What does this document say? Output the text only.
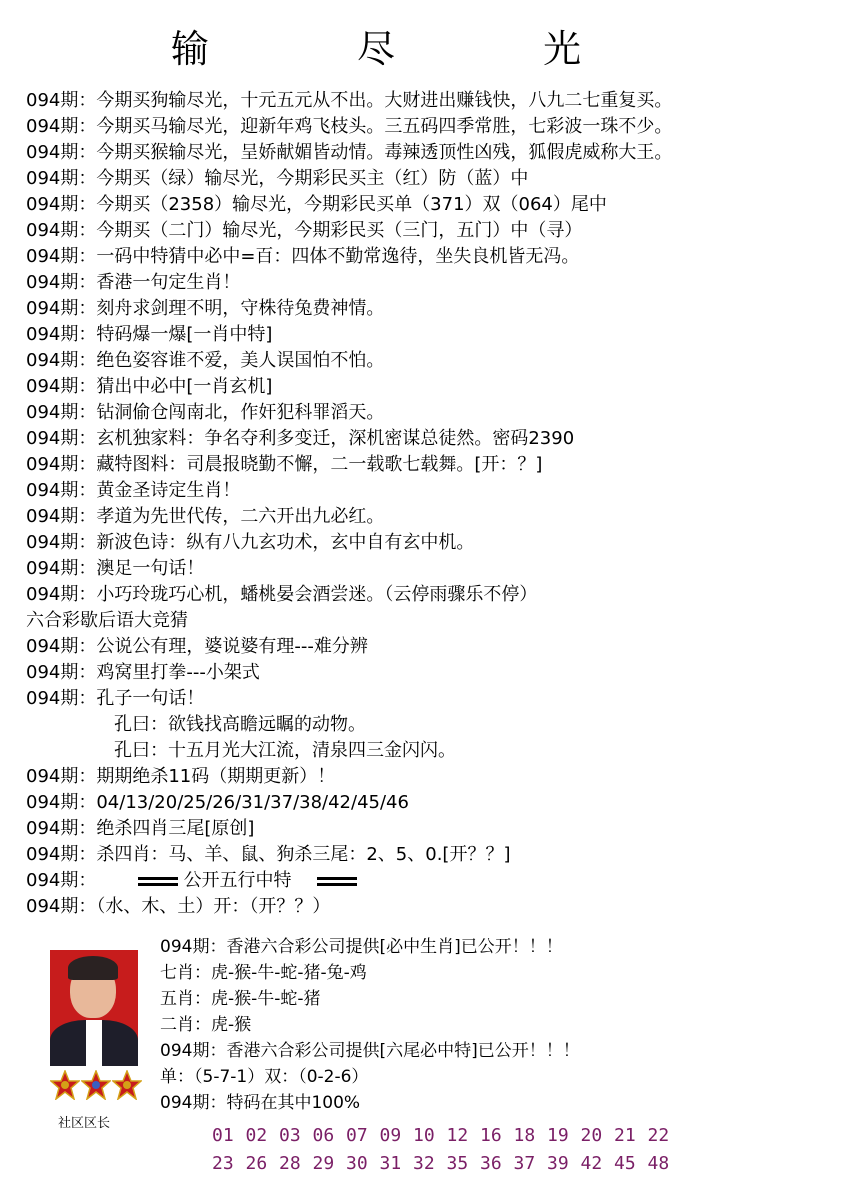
输 尽 光
094期：今期买狗输尽光，十元五元从不出。大财进出赚钱快，八九二七重复买。
094期：今期买马输尽光，迎新年鸡飞枝头。三五码四季常胜，七彩波一珠不少。
094期：今期买猴输尽光，呈娇献媚皆动情。毒辣透顶性凶残，狐假虎威称大王。
094期：今期买（绿）输尽光，今期彩民买主（红）防（蓝）中
094期：今期买（2358）输尽光，今期彩民买单（371）双（064）尾中
094期：今期买（二门）输尽光，今期彩民买（三门，五门）中（寻）
094期：一码中特猜中必中=百：四体不勤常逸待，坐失良机皆无冯。
094期：香港一句定生肖！
094期：刻舟求剑理不明，守株待兔费神情。
094期：特码爆一爆[一肖中特]
094期：绝色姿容谁不爱，美人误国怕不怕。
094期：猜出中必中[一肖玄机]
094期：钻洞偷仓闯南北，作奸犯科罪滔天。
094期：玄机独家料：争名夺利多变迁，深机密谋总徒然。密码2390
094期：藏特图料：司晨报晓勤不懈，二一载歌七载舞。[开：？]
094期：黄金圣诗定生肖！
094期：孝道为先世代传，二六开出九必红。
094期：新波色诗：纵有八九玄功术，玄中自有玄中机。
094期：澳足一句话！
094期：小巧玲珑巧心机，蟠桃晏会酒尝迷。（云停雨骤乐不停）
六合彩歇后语大竞猜
094期：公说公有理，婆说婆有理---难分辨
094期：鸡窝里打拳---小架式
094期：孔子一句话！
孔曰：欲钱找高瞻远瞩的动物。
孔曰：十五月光大江流，清泉四三金闪闪。
094期：期期绝杀11码（期期更新）！
094期：04/13/20/25/26/31/37/38/42/45/46
094期：绝杀四肖三尾[原创]
094期：杀四肖：马、羊、鼠、狗杀三尾：2、5、0.[开？？]
094期：	公开五行中特
094期：（水、木、土）开：（开？？）
社区区长
094期：香港六合彩公司提供[必中生肖]已公开！！！
七肖：虎-猴-牛-蛇-猪-兔-鸡
五肖：虎-猴-牛-蛇-猪
二肖：虎-猴
094期：香港六合彩公司提供[六尾必中特]已公开！！！
单：（5-7-1）双：（0-2-6）
094期：特码在其中100%
01 02 03 06 07 09 10 12 16 18 19 20 21 22
23 26 28 29 30 31 32 35 36 37 39 42 45 48
